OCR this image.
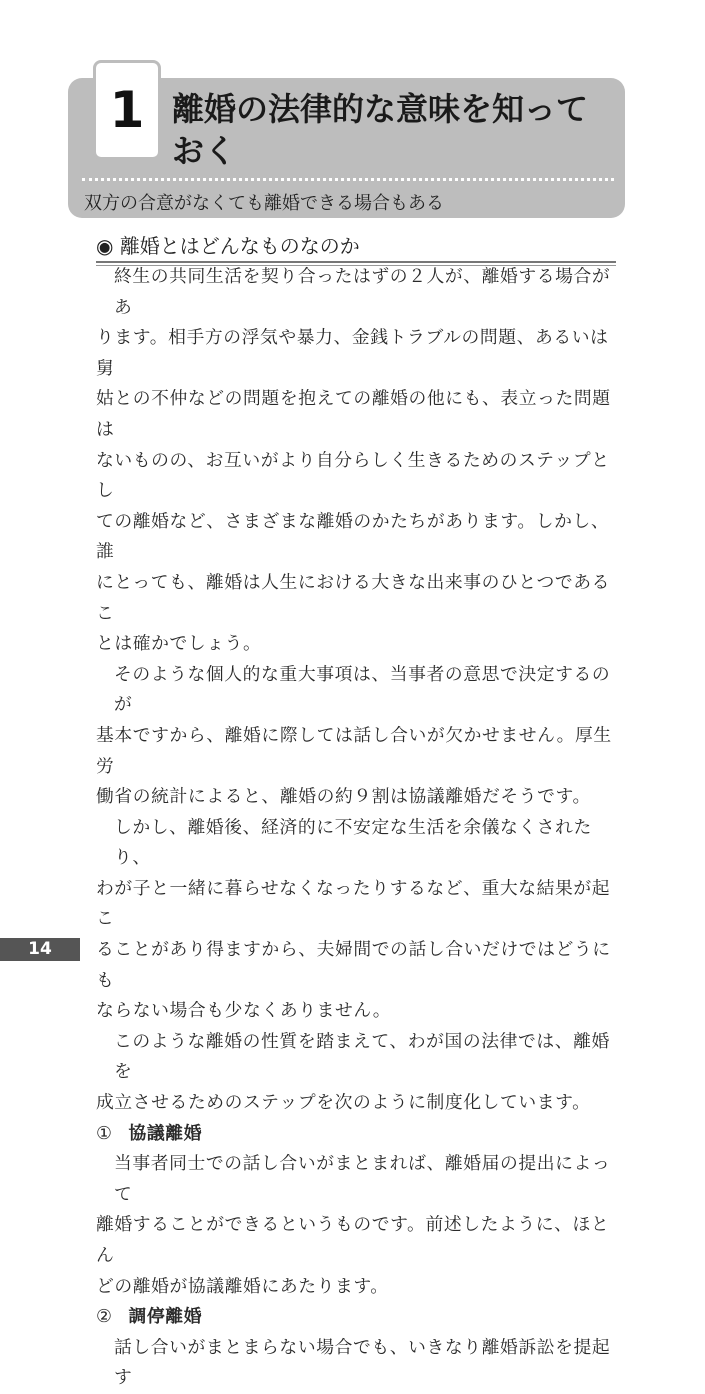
1 離婚の法律的な意味を知って
おく
双方の合意がなくても離婚できる場合もある
◉ 離婚とはどんなものなのか
終生の共同生活を契り合ったはずの２人が、離婚する場合があ
ります。相手方の浮気や暴力、金銭トラブルの問題、あるいは舅
姑との不仲などの問題を抱えての離婚の他にも、表立った問題は
ないものの、お互いがより自分らしく生きるためのステップとし
ての離婚など、さまざまな離婚のかたちがあります。しかし、誰
にとっても、離婚は人生における大きな出来事のひとつであるこ
とは確かでしょう。
そのような個人的な重大事項は、当事者の意思で決定するのが
基本ですから、離婚に際しては話し合いが欠かせません。厚生労
働省の統計によると、離婚の約９割は協議離婚だそうです。
しかし、離婚後、経済的に不安定な生活を余儀なくされたり、
わが子と一緒に暮らせなくなったりするなど、重大な結果が起こ
ることがあり得ますから、夫婦間での話し合いだけではどうにも
ならない場合も少なくありません。
このような離婚の性質を踏まえて、わが国の法律では、離婚を
成立させるためのステップを次のように制度化しています。
① 協議離婚
当事者同士での話し合いがまとまれば、離婚届の提出によって
離婚することができるというものです。前述したように、ほとん
どの離婚が協議離婚にあたります。
② 調停離婚
話し合いがまとまらない場合でも、いきなり離婚訴訟を提起す
14
